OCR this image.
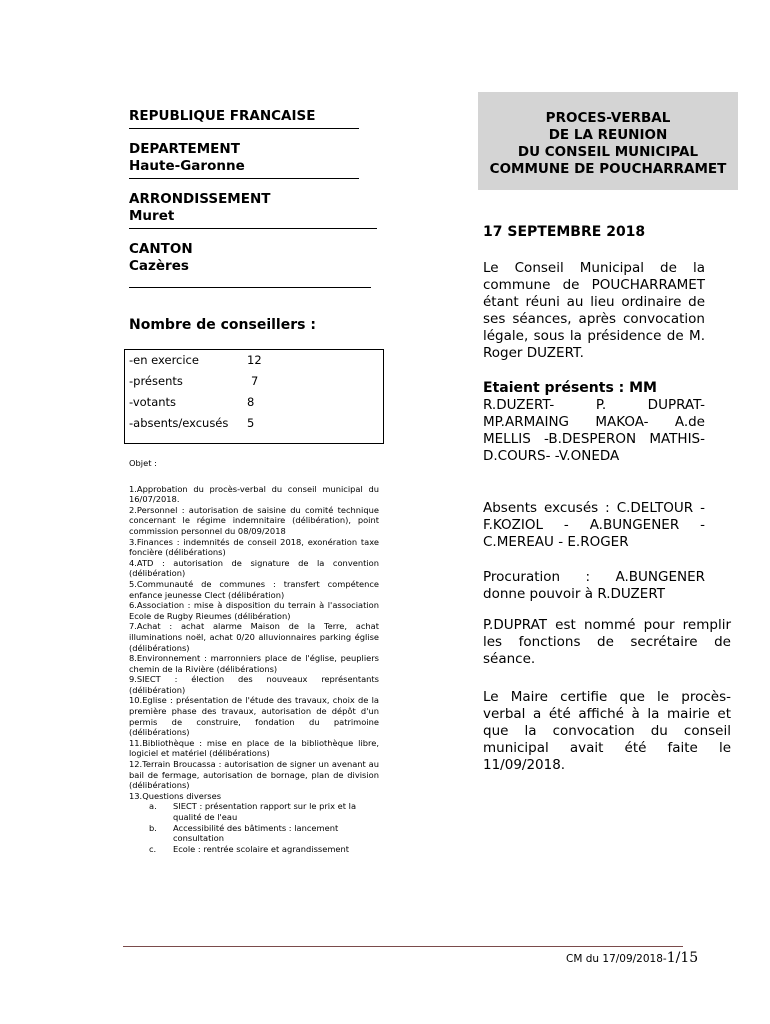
REPUBLIQUE FRANCAISE

DEPARTEMENT

Haute-Garonne

ARRONDISSEMENT

Muret

CANTON

Cazères

PROCES-VERBAL
DE LA REUNION
DU CONSEIL MUNICIPAL
COMMUNE DE POUCHARRAMET
Nombre de conseillers :
-en exercice	12
-présents	7
-votants	8
-absents/excusés 5

Objet :

1.Approbation du procès-verbal du conseil municipal du 16/07/2018.

2.Personnel : autorisation de saisine du comité technique concernant le régime indemnitaire (délibération), point commission personnel du 08/09/2018

3.Finances : indemnités de conseil 2018, exonération taxe foncière (délibérations)

4.ATD : autorisation de signature de la convention (délibération)

5.Communauté de communes : transfert compétence enfance jeunesse Clect (délibération)

6.Association : mise à disposition du terrain à l'association Ecole de Rugby Rieumes (délibération)

7.Achat : achat alarme Maison de la Terre, achat illuminations noël, achat 0/20 alluvionnaires parking église (délibérations)

8.Environnement : marronniers place de l'église, peupliers chemin de la Rivière (délibérations)

9.SIECT : élection des nouveaux représentants (délibération)

10.Eglise : présentation de l'étude des travaux, choix de la première phase des travaux, autorisation de dépôt d'un permis de construire, fondation du patrimoine (délibérations)

11.Bibliothèque : mise en place de la bibliothèque libre, logiciel et matériel (délibérations)

12.Terrain Broucassa : autorisation de signer un avenant au bail de fermage, autorisation de bornage, plan de division (délibérations)

13.Questions diverses

a.	SIECT : présentation rapport sur le prix et la qualité de l'eau
b.	Accessibilité des bâtiments : lancement consultation
c.	Ecole : rentrée scolaire et agrandissement
17 SEPTEMBRE 2018

Le Conseil Municipal de la commune de POUCHARRAMET étant réuni au lieu ordinaire de ses séances, après convocation légale, sous la présidence de M. Roger DUZERT.

Etaient présents : MM

R.DUZERT- P. DUPRAT- MP.ARMAING MAKOA- A.de MELLIS -B.DESPERON MATHIS- D.COURS- -V.ONEDA

Absents excusés : C.DELTOUR - F.KOZIOL - A.BUNGENER - C.MEREAU - E.ROGER

Procuration : A.BUNGENER donne pouvoir à R.DUZERT

P.DUPRAT est nommé pour remplir les fonctions de secrétaire de séance.

Le Maire certifie que le procès-verbal a été affiché à la mairie et que la convocation du conseil municipal avait été faite le 11/09/2018.

CM du 17/09/2018-1/15
